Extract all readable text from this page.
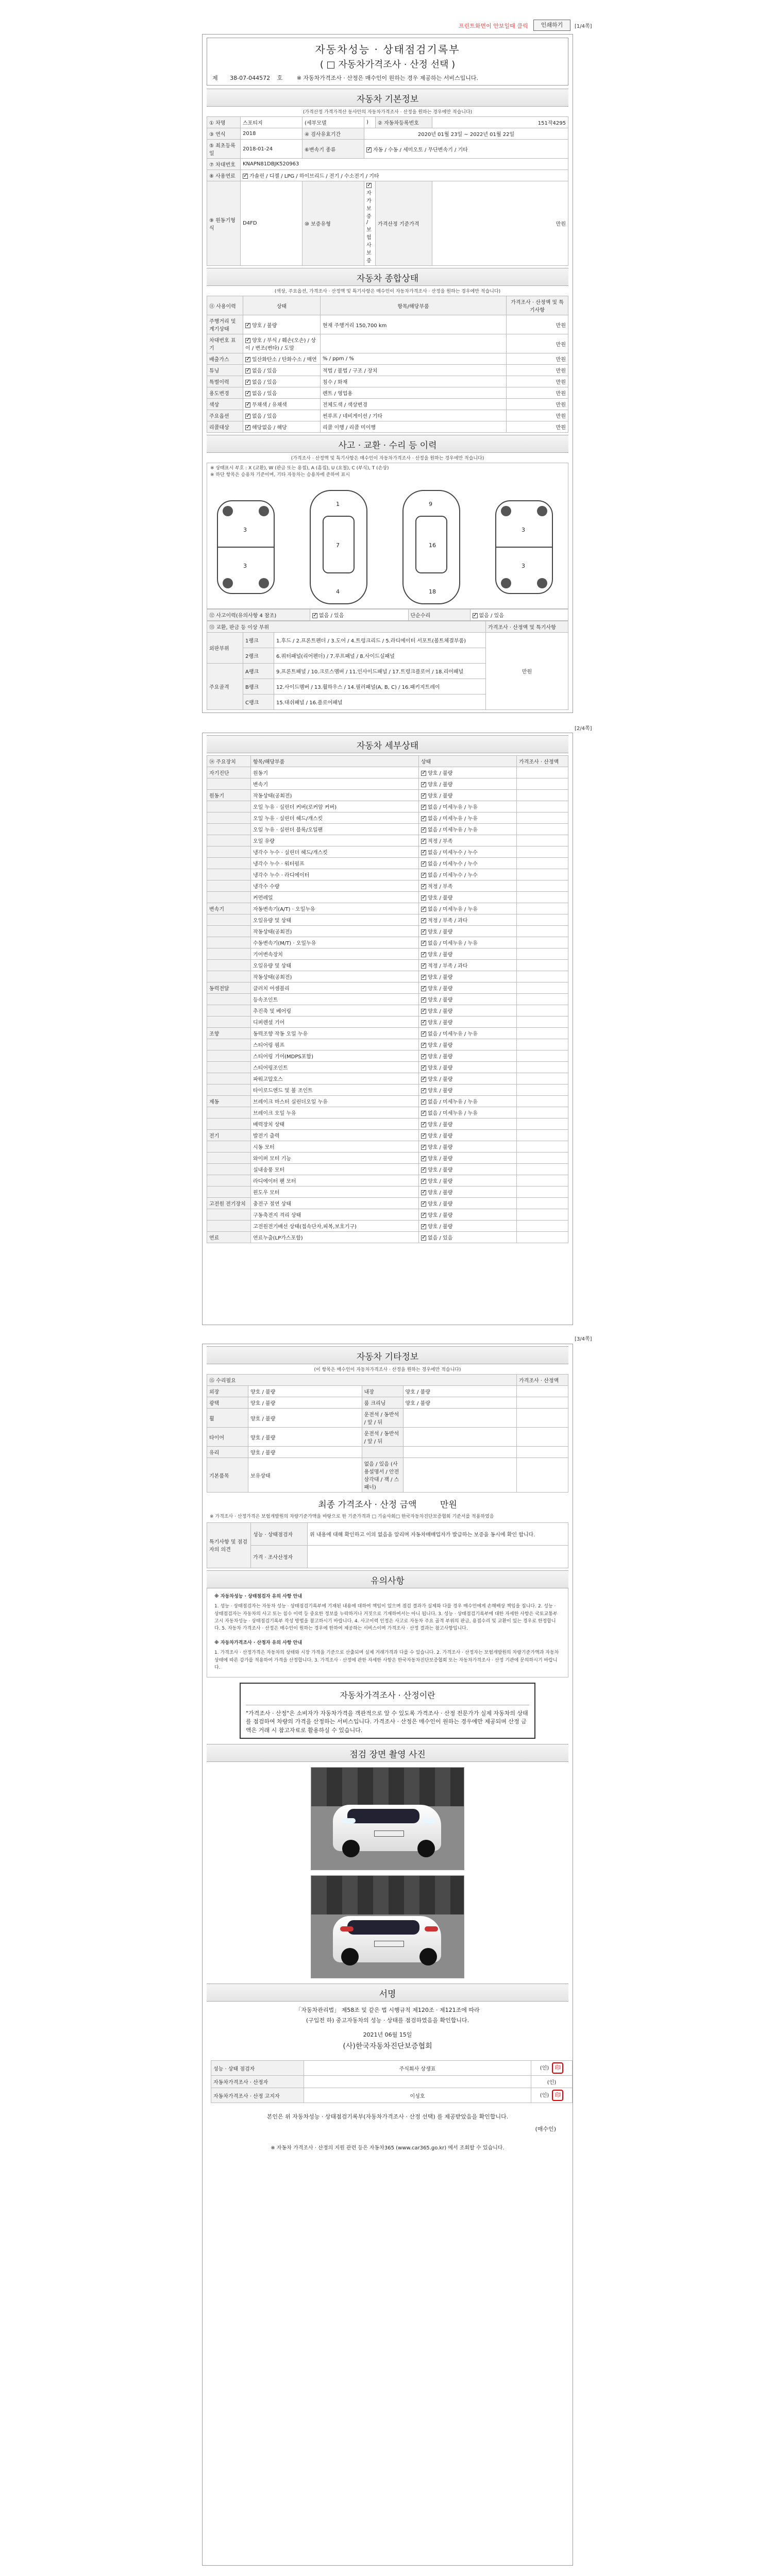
프린트화면이 안보일때 클릭	인쇄하기	[1/4쪽]
자동차성능 · 상태점검기록부
( □ 자동차가격조사 · 산정 선택 )
제 38-07-044572 호	※ 자동차가격조사 · 산정은 매수인이 원하는 경우 제공하는 서비스입니다.
자동차 기본정보
(가격산정 가격가격산 동사안의 자동차가격조사 · 산정을 원하는 경우에만 적습니다)
① 차명	스포티지	(세부모델	)	② 자동차등록번호	151작4295
③ 연식	2018	④ 검사유효기간	2020년 01월 23일 ~ 2022년 01월 22일		
⑤ 최초등록일	2018-01-24	⑥변속기 종류	✓자동 / 수동 / 세미오토 / 무단변속기 / 기타
⑦ 차대번호	KNAPN81DBJK520963				
⑧ 사용연료	✓가솔린 / 디젤 / LPG / 하이브리드 / 전기 / 수소전기 / 기타
⑨ 원동기형식	D4FD	⑩ 보증유형	✓자가보증 / 보험사보증	가격산정 기준가격	만원
자동차 종합상태
(색상, 주요옵션, 가격조사 · 산정액 및 특기사항은 매수인이 자동차가격조사 · 산정을 원하는 경우에만 적습니다)
⑪ 사용이력	상태	항목/해당부품	가격조사 · 산정액 및 특기사항
주행거리 및 계기상태	✓양호 / 불량	현재 주행거리 150,700 km	만원
차대번호 표기	✓양호 / 부식 / 훼손(오손) / 상이 / 변조(변타) / 도말		만원
배출가스	✓일산화탄소 / 탄화수소 / 매연	% / ppm / %	만원
튜닝	✓없음 / 있음	적법 / 불법 / 구조 / 장치	만원
특별이력	✓없음 / 있음	침수 / 화재	만원
용도변경	✓없음 / 있음	렌트 / 영업용	만원
색상	✓무채색 / 유채색	전체도색 / 색상변경	만원
주요옵션	✓없음 / 있음	썬루프 / 네비게이션 / 기타	만원
리콜대상	✓해당없음 / 해당	리콜 이행 / 리콜 미이행	만원
사고 · 교환 · 수리 등 이력
(가격조사 · 산정액 및 특기사항은 매수인이 자동차가격조사 · 산정을 원하는 경우에만 적습니다)
※ 상태표시 부호 : X (교환), W (판금 또는 용접), A (흠집), U (요철), C (부식), T (손상)
※ 하단 항목은 승용차 기준이며, 기타 자동차는 승용차에 준하여 표시
3
3
1
7
4
9
16
18
3
3
⑫ 사고이력(유의사항 4 참조)	✓없음 / 있음	단순수리	✓없음 / 있음
⑬ 교환, 판금 등 이상 부위			가격조사 · 산정액 및 특기사항
외판부위	1랭크	1.후드 / 2.프론트펜더 / 3.도어 / 4.트렁크리드 / 5.라디에이터 서포트(볼트체결부품)	만원
	2랭크	6.쿼터패널(리어펜더) / 7.루프패널 / 8.사이드실패널	
주요골격	A랭크	9.프론트패널 / 10.크로스멤버 / 11.인사이드패널 / 17.트렁크플로어 / 18.리어패널	
	B랭크	12.사이드멤버 / 13.휠하우스 / 14.필러패널(A, B, C) / 16.패키지트레이	
	C랭크	15.대쉬패널 / 16.플로어패널	
[2/4쪽]
자동차 세부상태
⑭ 주요장치	항목/해당부품	상태	가격조사 · 산정액
자기진단	원동기	✓양호 / 불량	
	변속기	✓양호 / 불량	
원동기	작동상태(공회전)	✓양호 / 불량	
	오일 누유 · 실린더 커버(로커암 커버)	✓없음 / 미세누유 / 누유	
	오일 누유 · 실린더 헤드/개스킷	✓없음 / 미세누유 / 누유	
	오일 누유 · 실린더 블록/오일팬	✓없음 / 미세누유 / 누유	
	오일 유량	✓적정 / 부족	
	냉각수 누수 · 실린더 헤드/개스킷	✓없음 / 미세누수 / 누수	
	냉각수 누수 · 워터펌프	✓없음 / 미세누수 / 누수	
	냉각수 누수 · 라디에이터	✓없음 / 미세누수 / 누수	
	냉각수 수량	✓적정 / 부족	
	커먼레일	✓양호 / 불량	
변속기	자동변속기(A/T) · 오일누유	✓없음 / 미세누유 / 누유	
	오일유량 및 상태	✓적정 / 부족 / 과다	
	작동상태(공회전)	✓양호 / 불량	
	수동변속기(M/T) · 오일누유	✓없음 / 미세누유 / 누유	
	기어변속장치	✓양호 / 불량	
	오일유량 및 상태	✓적정 / 부족 / 과다	
	작동상태(공회전)	✓양호 / 불량	
동력전달	클러치 어셈블리	✓양호 / 불량	
	등속조인트	✓양호 / 불량	
	추진축 및 베어링	✓양호 / 불량	
	디퍼렌셜 기어	✓양호 / 불량	
조향	동력조향 작동 오일 누유	✓없음 / 미세누유 / 누유	
	스티어링 펌프	✓양호 / 불량	
	스티어링 기어(MDPS포함)	✓양호 / 불량	
	스티어링조인트	✓양호 / 불량	
	파워고압호스	✓양호 / 불량	
	타이로드엔드 및 볼 조인트	✓양호 / 불량	
제동	브레이크 마스터 실린더오일 누유	✓없음 / 미세누유 / 누유	
	브레이크 오일 누유	✓없음 / 미세누유 / 누유	
	배력장치 상태	✓양호 / 불량	
전기	발전기 출력	✓양호 / 불량	
	시동 모터	✓양호 / 불량	
	와이퍼 모터 기능	✓양호 / 불량	
	실내송풍 모터	✓양호 / 불량	
	라디에이터 팬 모터	✓양호 / 불량	
	윈도우 모터	✓양호 / 불량	
고전원 전기장치	충전구 절연 상태	✓양호 / 불량	
	구동축전지 격리 상태	✓양호 / 불량	
	고전원전기배선 상태(접속단자,피복,보호기구)	✓양호 / 불량	
연료	연료누출(LP가스포함)	✓없음 / 있음	
[3/4쪽]
자동차 기타정보
(이 항목은 매수인이 자동차가격조사 · 산정을 원하는 경우에만 적습니다)
⑮ 수리필요				가격조사 · 산정액
외장	양호 / 불량	내장	양호 / 불량	
광택	양호 / 불량	룸 크리닝	양호 / 불량	
휠	양호 / 불량	운전석 / 동반석 / 앞 / 뒤		
타이어	양호 / 불량	운전석 / 동반석 / 앞 / 뒤		
유리	양호 / 불량			
기본품목	보유상태	없음 / 있음 (사용설명서 / 안전삼각대 / 잭 / 스패너)		
최종 가격조사 · 산정 금액	만원
※ 가격조사 · 산정가격은 보험개발원의 차량기준가액을 바탕으로 한 기준가격과 □ 기술사회□ 한국자동차진단보증협회 기준서를 적용하였음
특기사항 및 점검자의 의견	성능 · 상태점검자	위 내용에 대해 확인하고 이의 없음을 알리며 자동차매매업자가 발급하는 보증을 동시에 확인 합니다.
	가격 · 조사산정자	
유의사항
※ 자동차성능 · 상태점검자 유의 사항 안내
1. 성능 · 상태점검자는 자동차 성능 · 상태점검기록부에 기재된 내용에 대하여 책임이 있으며 점검 결과가 실제와 다를 경우 매수인에게 손해배상 책임을 집니다. 2. 성능 · 상태점검자는 자동차의 사고 또는 침수 이력 등 중요한 정보를 누락하거나 거짓으로 기재하여서는 아니 됩니다. 3. 성능 · 상태점검기록부에 대한 자세한 사항은 국토교통부 고시 자동차성능 · 상태점검기록부 작성 방법을 참고하시기 바랍니다. 4. 사고이력 인정은 사고로 자동차 주요 골격 부위의 판금, 용접수리 및 교환이 있는 경우로 한정합니다. 5. 자동차 가격조사 · 산정은 매수인이 원하는 경우에 한하여 제공하는 서비스이며 가격조사 · 산정 결과는 참고사항입니다.
※ 자동차가격조사 · 산정자 유의 사항 안내
1. 가격조사 · 산정가격은 자동차의 상태와 시장 가격을 기준으로 산출되며 실제 거래가격과 다를 수 있습니다. 2. 가격조사 · 산정자는 보험개발원의 차량기준가액과 자동차 상태에 따른 감가를 적용하여 가격을 산정합니다. 3. 가격조사 · 산정에 관한 자세한 사항은 한국자동차진단보증협회 또는 자동차가격조사 · 산정 기관에 문의하시기 바랍니다.
자동차가격조사 · 산정이란
"가격조사 · 산정"은 소비자가 자동차가격을 객관적으로 알 수 있도록 가격조사 · 산정 전문가가 실제 자동차의 상태를 점검하여 차량의 가격을 산정하는 서비스입니다. 가격조사 · 산정은 매수인이 원하는 경우에만 제공되며 산정 금액은 거래 시 참고자료로 활용하실 수 있습니다.
점검 장면 촬영 사진
서명
「자동차관리법」 제58조 및 같은 법 시행규칙 제120조 · 제121조에 따라
(구입전 하) 중고자동차의 성능 · 상태를 점검하였음을 확인합니다.
2021년 06월 15일
(사)한국자동차진단보증협회
성능 · 상태 점검자	주식회사 상생표	(인) 印
자동차가격조사 · 산정자		(인)
자동차가격조사 · 산정 고지자	이성호	(인) 印
본인은 위 자동차성능 · 상태점검기록부(자동차가격조사 · 산정 선택) 를 제공받았음을 확인합니다.
(매수인)
※ 자동차 가격조사 · 산정의 지원 관련 등은 자동차365 (www.car365.go.kr) 에서 조회할 수 있습니다.
